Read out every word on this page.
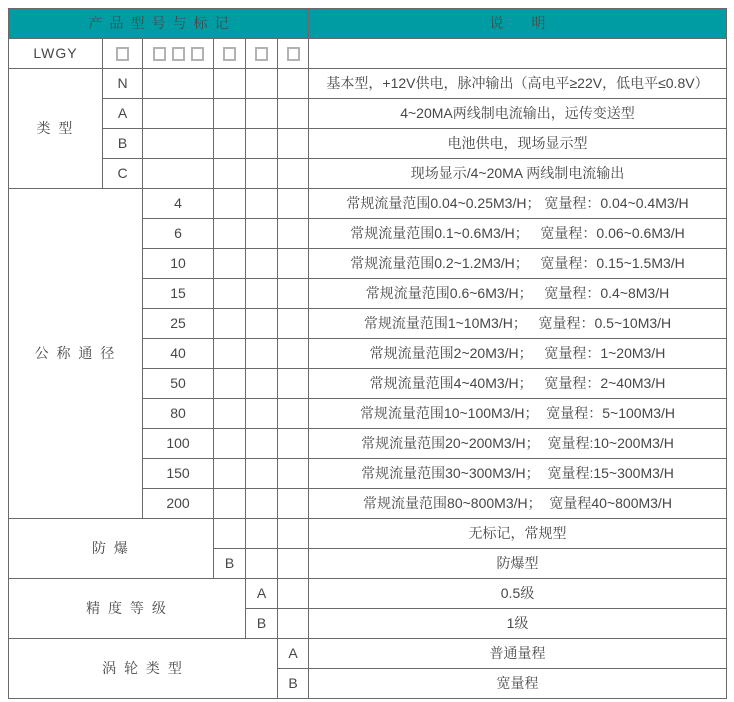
产品型号与标记						说　　明
LWGY						
类 型	N					基本型，+12V供电，脉冲输出（高电平≥22V，低电平≤0.8V）
	A					4~20MA两线制电流输出，远传变送型
	B					电池供电，现场显示型
	C					现场显示/4~20MA 两线制电流输出
公 称 通 径		4				常规流量范围0.04~0.25M3/H； 宽量程：0.04~0.4M3/H
		6				常规流量范围0.1~0.6M3/H；   宽量程：0.06~0.6M3/H
		10				常规流量范围0.2~1.2M3/H；   宽量程：0.15~1.5M3/H
		15				常规流量范围0.6~6M3/H；   宽量程：0.4~8M3/H
		25				常规流量范围1~10M3/H；   宽量程：0.5~10M3/H
		40				常规流量范围2~20M3/H；   宽量程：1~20M3/H
		50				常规流量范围4~40M3/H；   宽量程：2~40M3/H
		80				常规流量范围10~100M3/H；  宽量程：5~100M3/H
		100				常规流量范围20~200M3/H；  宽量程:10~200M3/H
		150				常规流量范围30~300M3/H；  宽量程:15~300M3/H
		200				常规流量范围80~800M3/H；  宽量程40~800M3/H
防 爆						无标记，常规型
			B			防爆型
精 度 等 级				A		0.5级
				B		1级
涡 轮 类 型					A	普通量程
					B	宽量程
